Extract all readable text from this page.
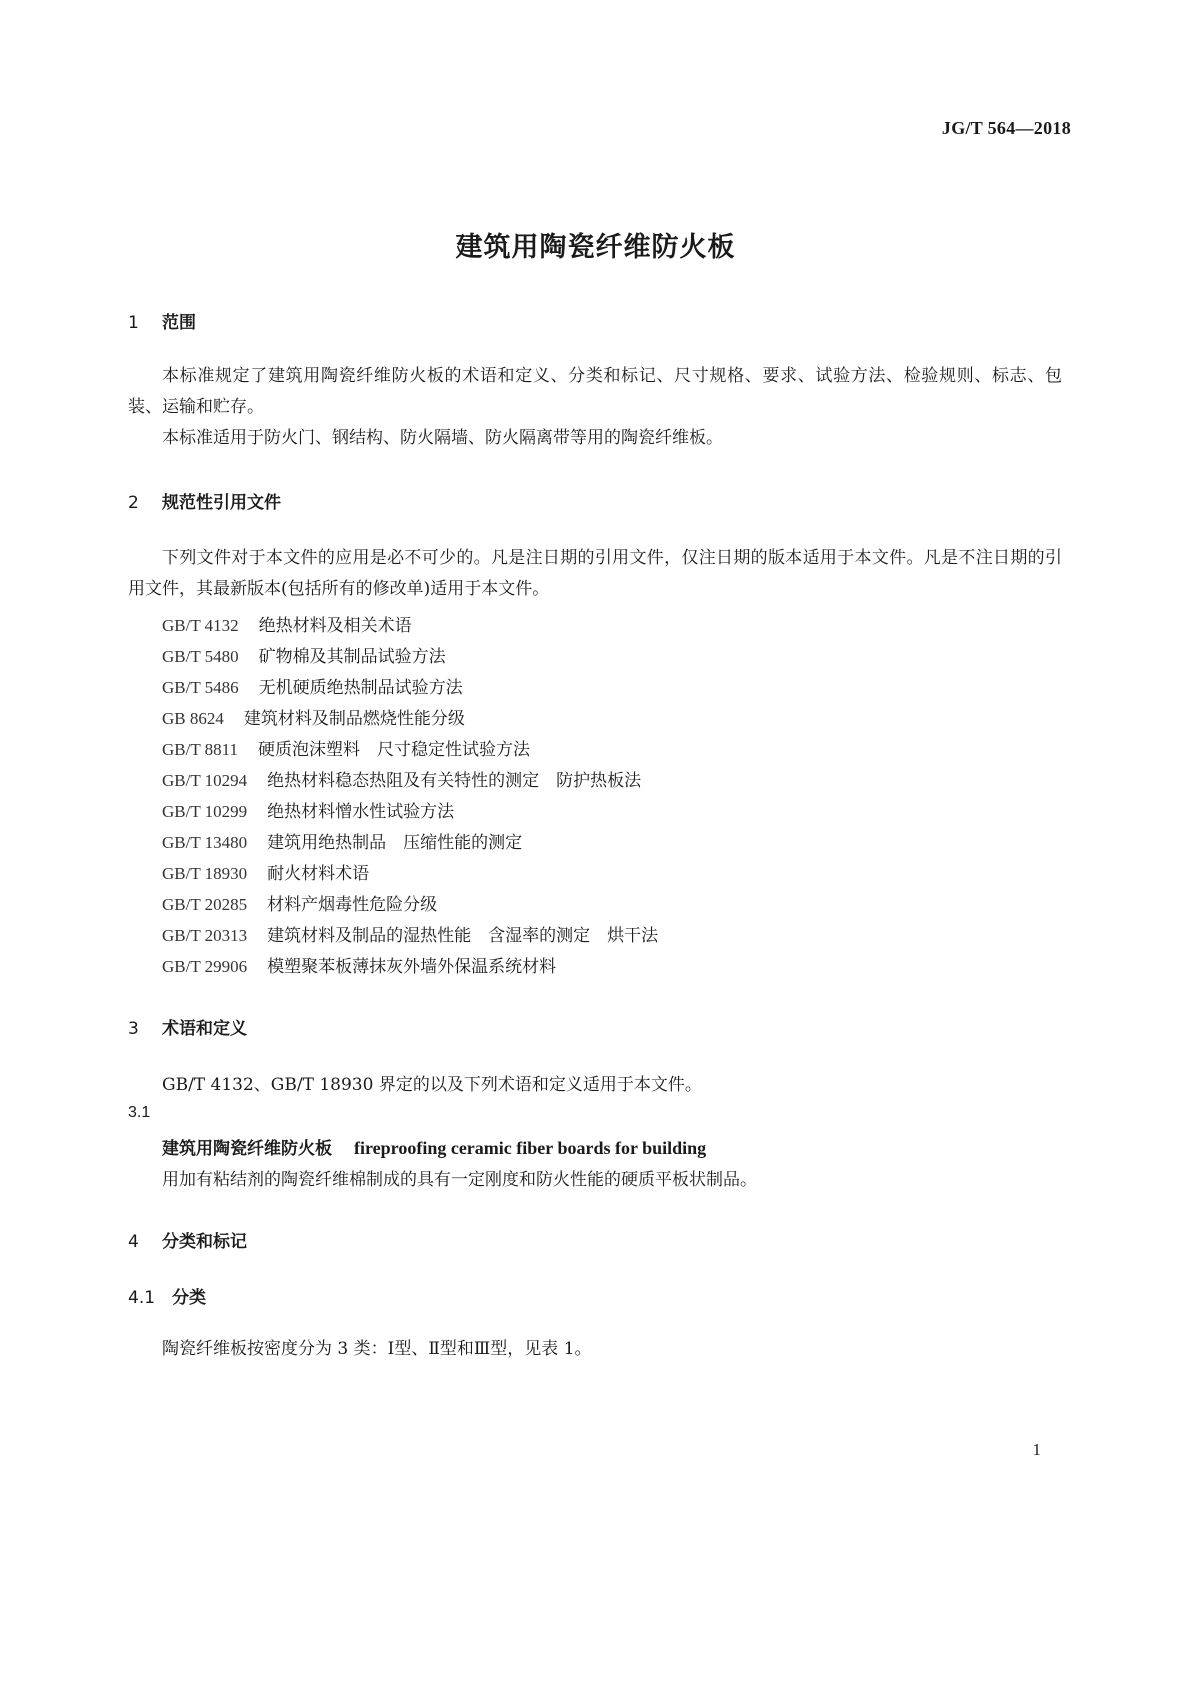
JG/T 564—2018
建筑用陶瓷纤维防火板
1 范围
本标准规定了建筑用陶瓷纤维防火板的术语和定义、分类和标记、尺寸规格、要求、试验方法、检验规则、标志、包装、运输和贮存。
本标准适用于防火门、钢结构、防火隔墙、防火隔离带等用的陶瓷纤维板。
2 规范性引用文件
下列文件对于本文件的应用是必不可少的。凡是注日期的引用文件，仅注日期的版本适用于本文件。凡是不注日期的引用文件，其最新版本(包括所有的修改单)适用于本文件。
GB/T 4132 绝热材料及相关术语
GB/T 5480 矿物棉及其制品试验方法
GB/T 5486 无机硬质绝热制品试验方法
GB 8624 建筑材料及制品燃烧性能分级
GB/T 8811 硬质泡沫塑料　尺寸稳定性试验方法
GB/T 10294 绝热材料稳态热阻及有关特性的测定　防护热板法
GB/T 10299 绝热材料憎水性试验方法
GB/T 13480 建筑用绝热制品　压缩性能的测定
GB/T 18930 耐火材料术语
GB/T 20285 材料产烟毒性危险分级
GB/T 20313 建筑材料及制品的湿热性能　含湿率的测定　烘干法
GB/T 29906 模塑聚苯板薄抹灰外墙外保温系统材料
3 术语和定义
GB/T 4132、GB/T 18930 界定的以及下列术语和定义适用于本文件。
3.1
建筑用陶瓷纤维防火板 fireproofing ceramic fiber boards for building
用加有粘结剂的陶瓷纤维棉制成的具有一定刚度和防火性能的硬质平板状制品。
4 分类和标记
4.1 分类
陶瓷纤维板按密度分为 3 类：Ⅰ型、Ⅱ型和Ⅲ型，见表 1。
1
